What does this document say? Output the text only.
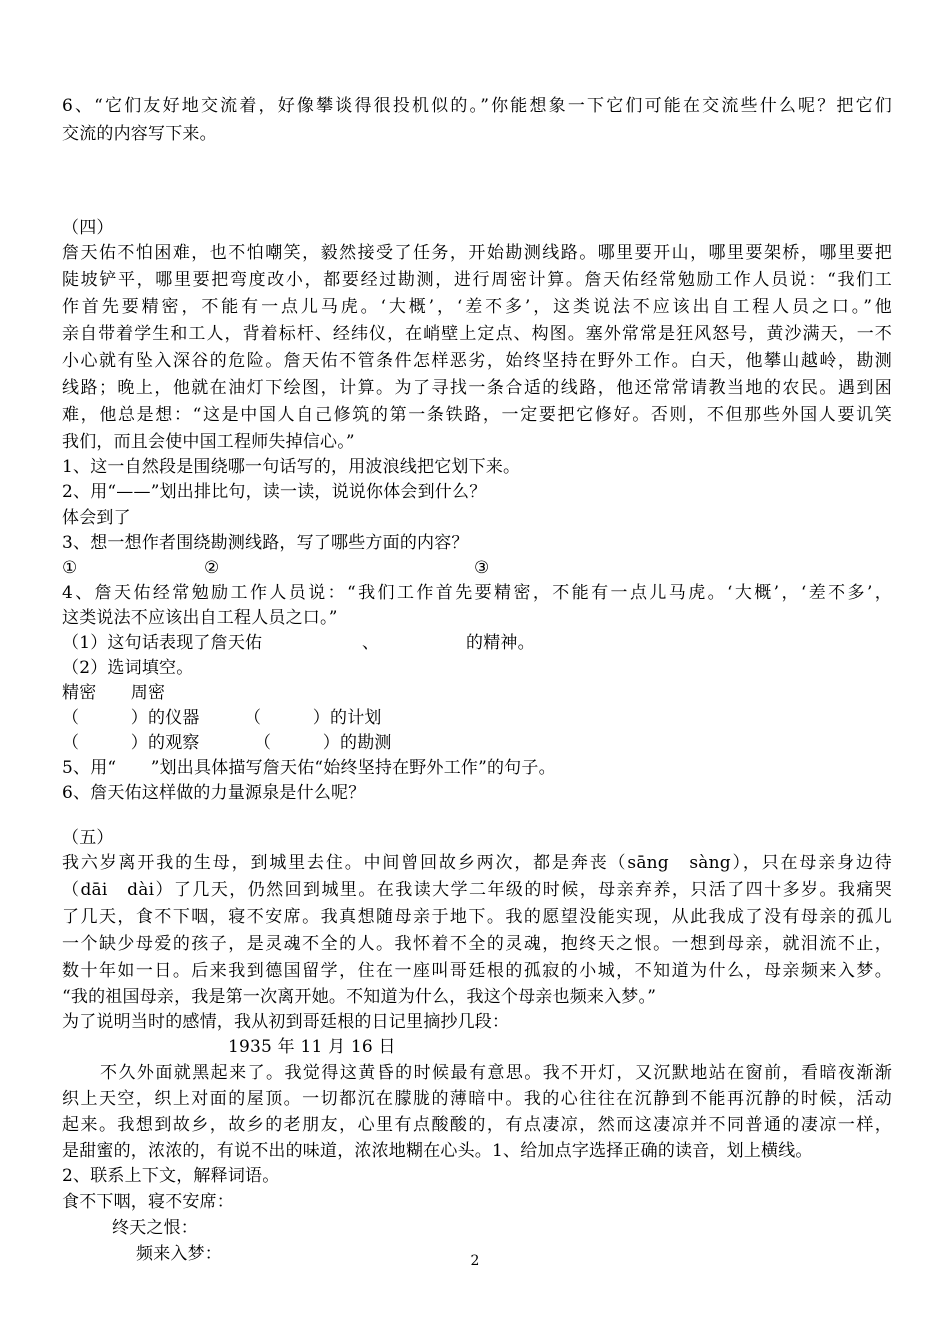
6、“它们友好地交流着，好像攀谈得很投机似的。”你能想象一下它们可能在交流些什么呢？把它们
交流的内容写下来。
（四）
詹天佑不怕困难，也不怕嘲笑，毅然接受了任务，开始勘测线路。哪里要开山，哪里要架桥，哪里要把
陡坡铲平，哪里要把弯度改小，都要经过勘测，进行周密计算。詹天佑经常勉励工作人员说：“我们工
作首先要精密，不能有一点儿马虎。‘大概’，‘差不多’，这类说法不应该出自工程人员之口。”他
亲自带着学生和工人，背着标杆、经纬仪，在峭壁上定点、构图。塞外常常是狂风怒号，黄沙满天，一不
小心就有坠入深谷的危险。詹天佑不管条件怎样恶劣，始终坚持在野外工作。白天，他攀山越岭，勘测
线路；晚上，他就在油灯下绘图，计算。为了寻找一条合适的线路，他还常常请教当地的农民。遇到困
难，他总是想：“这是中国人自己修筑的第一条铁路，一定要把它修好。否则，不但那些外国人要讥笑
我们，而且会使中国工程师失掉信心。”
1、这一自然段是围绕哪一句话写的，用波浪线把它划下来。
2、用“——”划出排比句，读一读，说说你体会到什么？
体会到了
3、想一想作者围绕勘测线路，写了哪些方面的内容？
①	②	③
4、詹天佑经常勉励工作人员说：“我们工作首先要精密，不能有一点儿马虎。‘大概’，‘差不多’，
这类说法不应该出自工程人员之口。”
（1）这句话表现了詹天佑	、	的精神。
（2）选词填空。
精密　　周密
（　　　）的仪器	（　　　）的计划
（　　　）的观察	（　　　）的勘测
5、用“　　”划出具体描写詹天佑“始终坚持在野外工作”的句子。
6、詹天佑这样做的力量源泉是什么呢？
（五）
我六岁离开我的生母，到城里去住。中间曾回故乡两次，都是奔丧（sāng　sàng），只在母亲身边待
（dāi　dài）了几天，仍然回到城里。在我读大学二年级的时候，母亲弃养，只活了四十多岁。我痛哭
了几天，食不下咽，寝不安席。我真想随母亲于地下。我的愿望没能实现，从此我成了没有母亲的孤儿
一个缺少母爱的孩子，是灵魂不全的人。我怀着不全的灵魂，抱终天之恨。一想到母亲，就泪流不止，
数十年如一日。后来我到德国留学，住在一座叫哥廷根的孤寂的小城，不知道为什么，母亲频来入梦。
“我的祖国母亲，我是第一次离开她。不知道为什么，我这个母亲也频来入梦。”
为了说明当时的感情，我从初到哥廷根的日记里摘抄几段：
1935 年 11 月 16 日
不久外面就黑起来了。我觉得这黄昏的时候最有意思。我不开灯，又沉默地站在窗前，看暗夜渐渐
织上天空，织上对面的屋顶。一切都沉在朦胧的薄暗中。我的心往往在沉静到不能再沉静的时候，活动
起来。我想到故乡，故乡的老朋友，心里有点酸酸的，有点凄凉，然而这凄凉并不同普通的凄凉一样，
是甜蜜的，浓浓的，有说不出的味道，浓浓地糊在心头。1、给加点字选择正确的读音，划上横线。
2、联系上下文，解释词语。
食不下咽，寝不安席：
终天之恨：
频来入梦：	2
